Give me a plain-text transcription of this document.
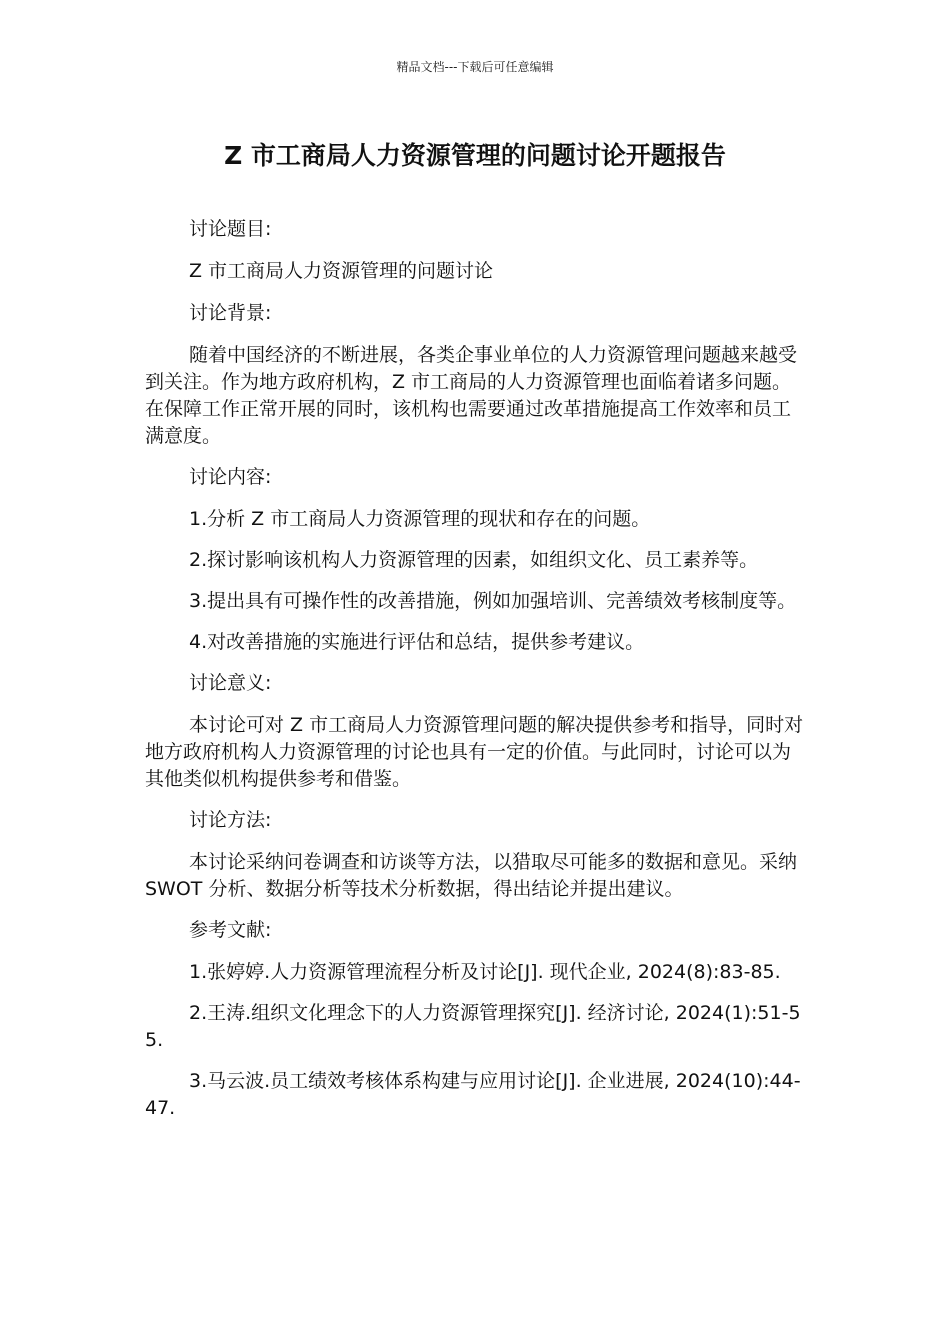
精品文档---下载后可任意编辑
Z 市工商局人力资源管理的问题讨论开题报告

讨论题目:

Z 市工商局人力资源管理的问题讨论

讨论背景:

随着中国经济的不断进展，各类企事业单位的人力资源管理问题越来越受到关注。作为地方政府机构，Z 市工商局的人力资源管理也面临着诸多问题。在保障工作正常开展的同时，该机构也需要通过改革措施提高工作效率和员工满意度。

讨论内容:

1.分析 Z 市工商局人力资源管理的现状和存在的问题。

2.探讨影响该机构人力资源管理的因素，如组织文化、员工素养等。

3.提出具有可操作性的改善措施，例如加强培训、完善绩效考核制度等。

4.对改善措施的实施进行评估和总结，提供参考建议。

讨论意义:

本讨论可对 Z 市工商局人力资源管理问题的解决提供参考和指导，同时对地方政府机构人力资源管理的讨论也具有一定的价值。与此同时，讨论可以为其他类似机构提供参考和借鉴。

讨论方法:

本讨论采纳问卷调查和访谈等方法，以猎取尽可能多的数据和意见。采纳 SWOT 分析、数据分析等技术分析数据，得出结论并提出建议。

参考文献:

1.张婷婷.人力资源管理流程分析及讨论[J]. 现代企业, 2024(8):83-85.

2.王涛.组织文化理念下的人力资源管理探究[J]. 经济讨论, 2024(1):51-55.

3.马云波.员工绩效考核体系构建与应用讨论[J]. 企业进展, 2024(10):44-47.
